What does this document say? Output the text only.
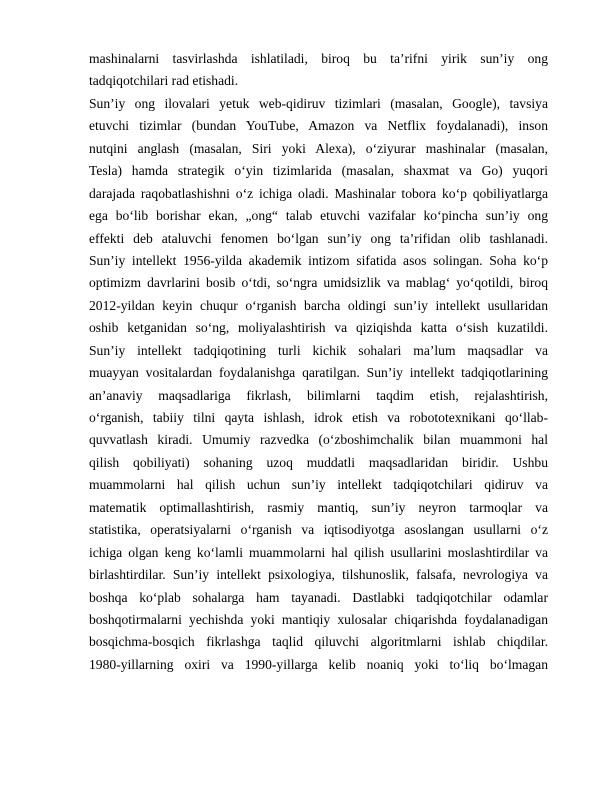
mashinalarni tasvirlashda ishlatiladi, biroq bu ta’rifni yirik sun’iy ong
tadqiqotchilari rad etishadi.
Sun’iy ong ilovalari yetuk web-qidiruv tizimlari (masalan, Google), tavsiya
etuvchi tizimlar (bundan YouTube, Amazon va Netflix foydalanadi), inson
nutqini anglash (masalan, Siri yoki Alexa), o‘ziyurar mashinalar (masalan,
Tesla) hamda strategik o‘yin tizimlarida (masalan, shaxmat va Go) yuqori
darajada raqobatlashishni o‘z ichiga oladi. Mashinalar tobora ko‘p qobiliyatlarga
ega bo‘lib borishar ekan, „ong“ talab etuvchi vazifalar ko‘pincha sun’iy ong
effekti deb ataluvchi fenomen bo‘lgan sun’iy ong ta’rifidan olib tashlanadi.
Sun’iy intellekt 1956-yilda akademik intizom sifatida asos solingan. Soha ko‘p
optimizm davrlarini bosib o‘tdi, so‘ngra umidsizlik va mablag‘ yo‘qotildi, biroq
2012-yildan keyin chuqur o‘rganish barcha oldingi sun’iy intellekt usullaridan
oshib ketganidan so‘ng, moliyalashtirish va qiziqishda katta o‘sish kuzatildi.
Sun’iy intellekt tadqiqotining turli kichik sohalari ma’lum maqsadlar va
muayyan vositalardan foydalanishga qaratilgan. Sun’iy intellekt tadqiqotlarining
an’anaviy maqsadlariga fikrlash, bilimlarni taqdim etish, rejalashtirish,
o‘rganish, tabiiy tilni qayta ishlash, idrok etish va robototexnikani qo‘llab-
quvvatlash kiradi. Umumiy razvedka (o‘zboshimchalik bilan muammoni hal
qilish qobiliyati) sohaning uzoq muddatli maqsadlaridan biridir. Ushbu
muammolarni hal qilish uchun sun’iy intellekt tadqiqotchilari qidiruv va
matematik optimallashtirish, rasmiy mantiq, sun’iy neyron tarmoqlar va
statistika, operatsiyalarni o‘rganish va iqtisodiyotga asoslangan usullarni o‘z
ichiga olgan keng ko‘lamli muammolarni hal qilish usullarini moslashtirdilar va
birlashtirdilar. Sun’iy intellekt psixologiya, tilshunoslik, falsafa, nevrologiya va
boshqa ko‘plab sohalarga ham tayanadi. Dastlabki tadqiqotchilar odamlar
boshqotirmalarni yechishda yoki mantiqiy xulosalar chiqarishda foydalanadigan
bosqichma-bosqich fikrlashga taqlid qiluvchi algoritmlarni ishlab chiqdilar.
1980-yillarning oxiri va 1990-yillarga kelib noaniq yoki to‘liq bo‘lmagan
